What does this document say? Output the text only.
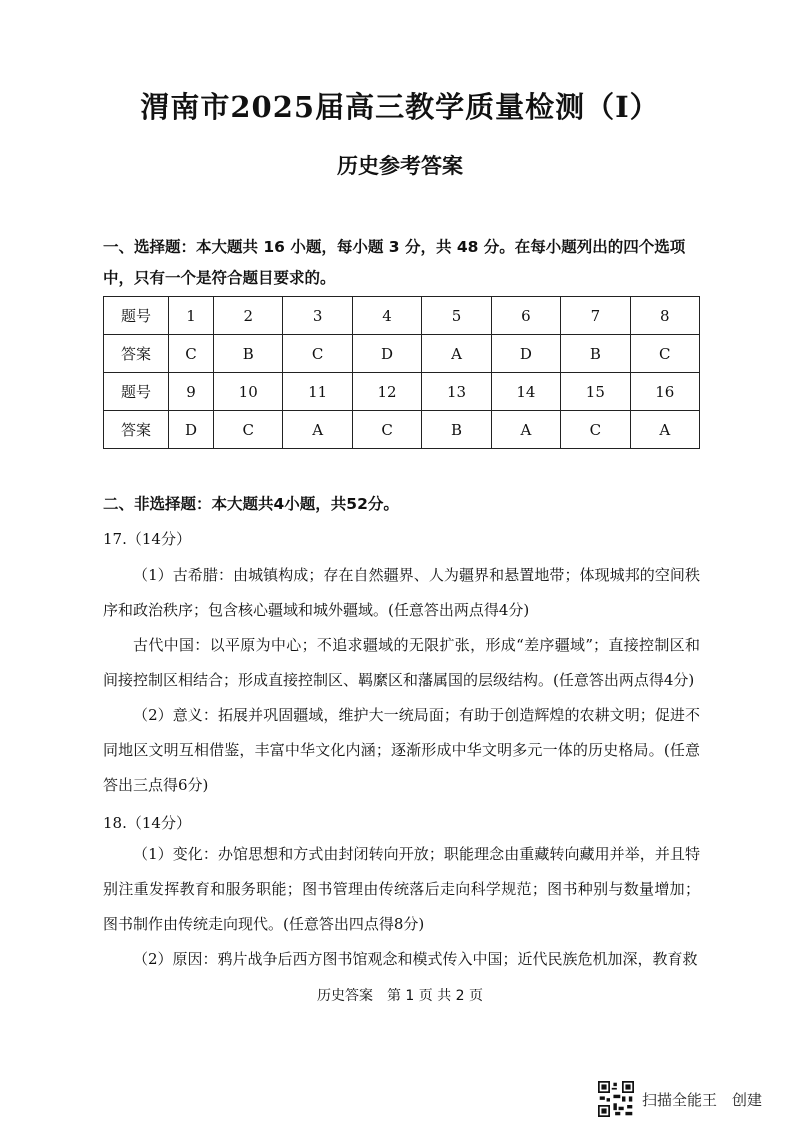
渭南市2025届高三教学质量检测（Ⅰ）
历史参考答案
一、选择题：本大题共 16 小题，每小题 3 分，共 48 分。在每小题列出的四个选项中，只有一个是符合题目要求的。
题号	1	2	3	4	5	6	7	8
答案	C	B	C	D	A	D	B	C
题号	9	10	11	12	13	14	15	16
答案	D	C	A	C	B	A	C	A
二、非选择题：本大题共4小题，共52分。
17.（14分）
（1）古希腊：由城镇构成；存在自然疆界、人为疆界和悬置地带；体现城邦的空间秩序和政治秩序；包含核心疆域和城外疆域。(任意答出两点得4分)
古代中国：以平原为中心；不追求疆域的无限扩张，形成“差序疆域”；直接控制区和间接控制区相结合；形成直接控制区、羁縻区和藩属国的层级结构。(任意答出两点得4分)
（2）意义：拓展并巩固疆域，维护大一统局面；有助于创造辉煌的农耕文明；促进不同地区文明互相借鉴，丰富中华文化内涵；逐渐形成中华文明多元一体的历史格局。(任意答出三点得6分)
18.（14分）
（1）变化：办馆思想和方式由封闭转向开放；职能理念由重藏转向藏用并举，并且特别注重发挥教育和服务职能；图书管理由传统落后走向科学规范；图书种别与数量增加；图书制作由传统走向现代。(任意答出四点得8分)
（2）原因：鸦片战争后西方图书馆观念和模式传入中国；近代民族危机加深，教育救
历史答案　第 1 页 共 2 页
扫描全能王　创建
